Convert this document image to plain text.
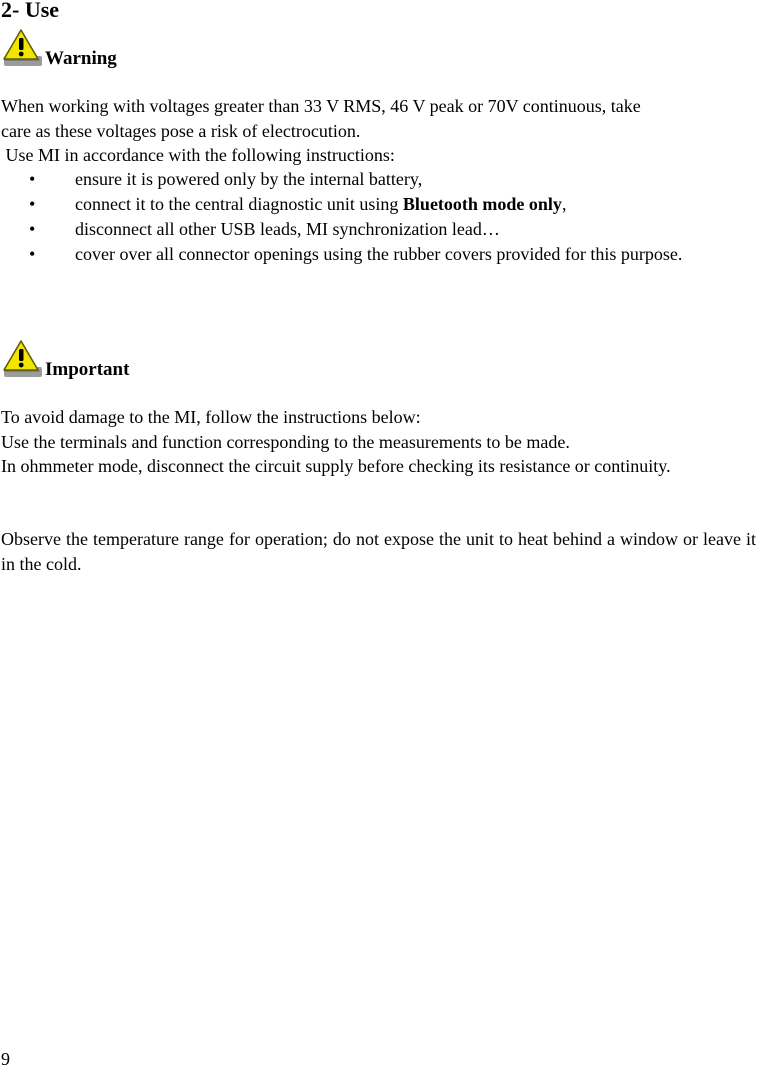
2- Use
Warning
When working with voltages greater than 33 V RMS, 46 V peak or 70V continuous, take
care as these voltages pose a risk of electrocution.
Use MI in accordance with the following instructions:
• ensure it is powered only by the internal battery,
• connect it to the central diagnostic unit using Bluetooth mode only,
• disconnect all other USB leads, MI synchronization lead…
• cover over all connector openings using the rubber covers provided for this purpose.
Important
To avoid damage to the MI, follow the instructions below:
Use the terminals and function corresponding to the measurements to be made.
In ohmmeter mode, disconnect the circuit supply before checking its resistance or continuity.
Observe the temperature range for operation; do not expose the unit to heat behind a window or leave it in the cold.
9
